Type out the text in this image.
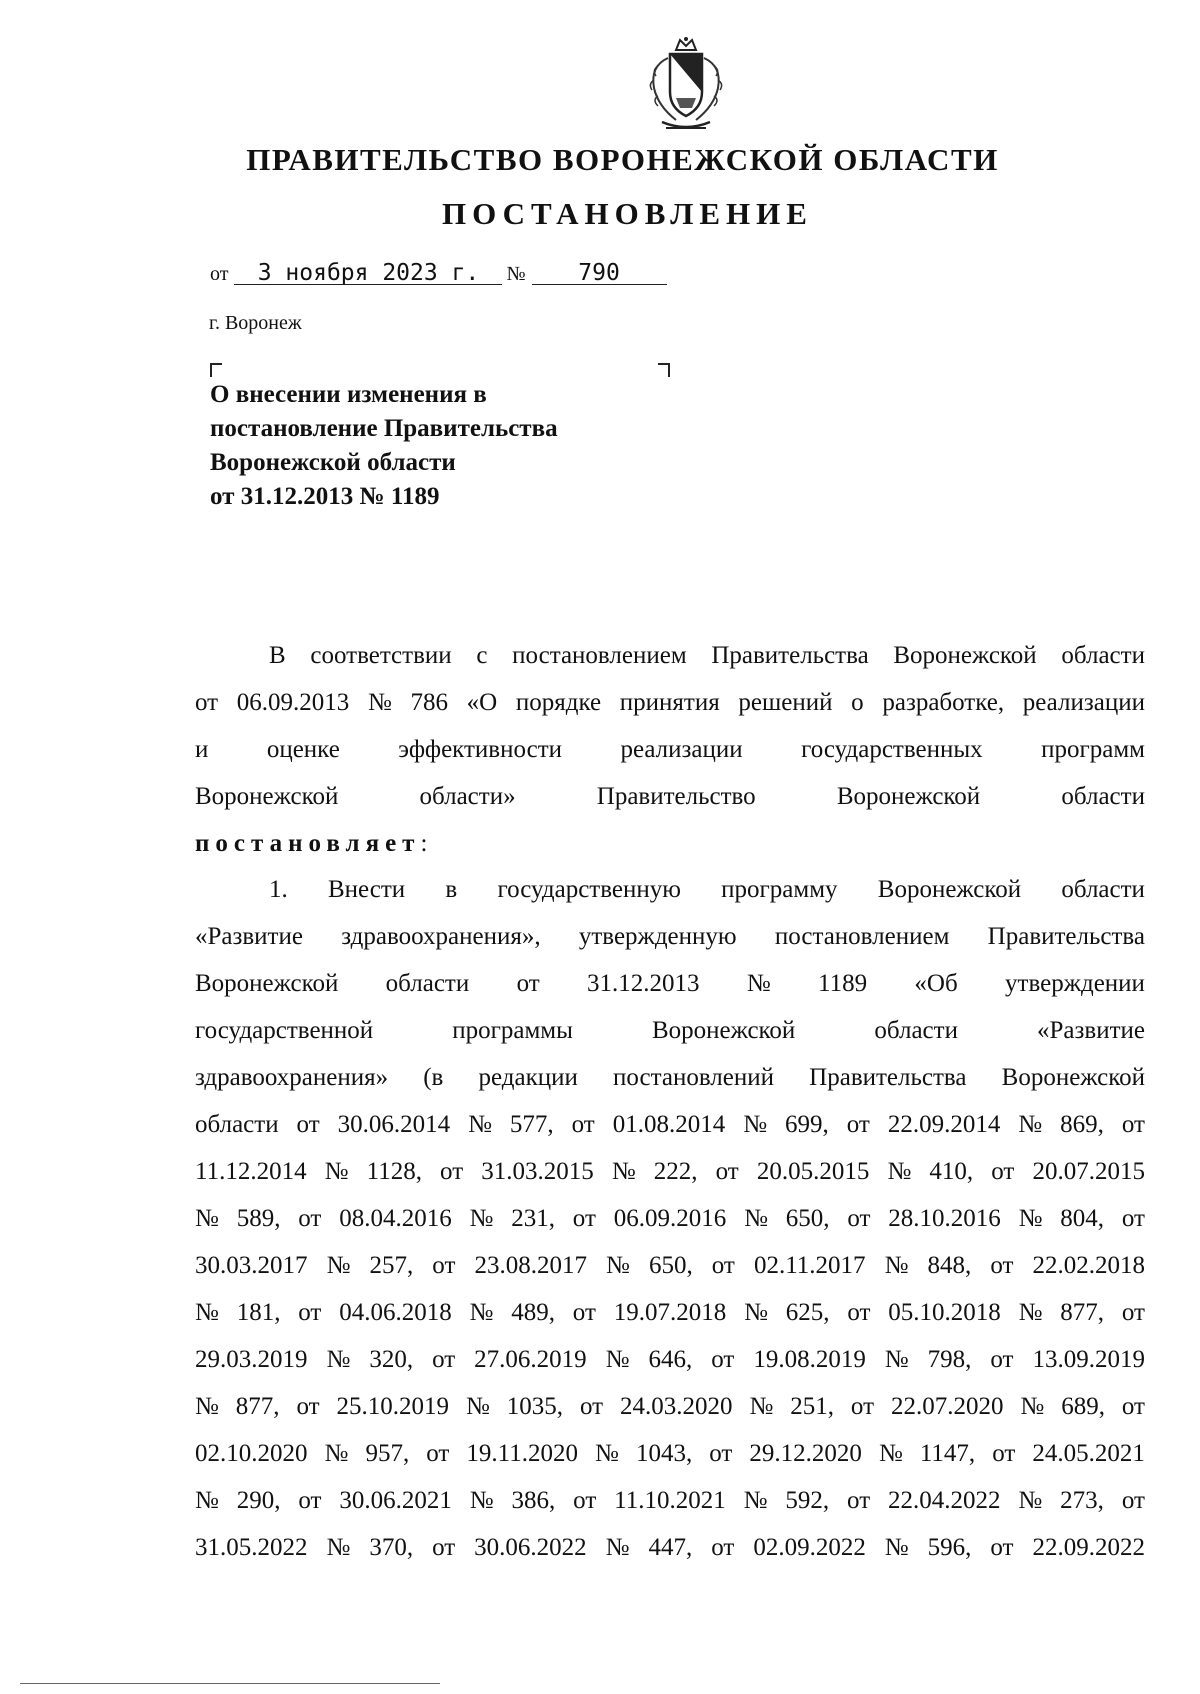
ПРАВИТЕЛЬСТВО ВОРОНЕЖСКОЙ ОБЛАСТИ
ПОСТАНОВЛЕНИЕ
от 3 ноября 2023 г. № 790
г. Воронеж
О внесении изменения в
постановление Правительства
Воронежской области
от 31.12.2013 № 1189
В соответствии с постановлением Правительства Воронежской области
от 06.09.2013 № 786 «О порядке принятия решений о разработке, реализации
и оценке эффективности реализации государственных программ
Воронежской	области»	Правительство	Воронежской	области
постановляет:
1. Внести в государственную программу Воронежской области
«Развитие здравоохранения», утвержденную постановлением Правительства
Воронежской области от 31.12.2013 № 1189 «Об утверждении
государственной	программы	Воронежской	области	«Развитие
здравоохранения» (в редакции постановлений Правительства Воронежской
области от 30.06.2014 № 577, от 01.08.2014 № 699, от 22.09.2014 № 869, от
11.12.2014 № 1128, от 31.03.2015 № 222, от 20.05.2015 № 410, от 20.07.2015
№ 589, от 08.04.2016 № 231, от 06.09.2016 № 650, от 28.10.2016 № 804, от
30.03.2017 № 257, от 23.08.2017 № 650, от 02.11.2017 № 848, от 22.02.2018
№ 181, от 04.06.2018 № 489, от 19.07.2018 № 625, от 05.10.2018 № 877, от
29.03.2019 № 320, от 27.06.2019 № 646, от 19.08.2019 № 798, от 13.09.2019
№ 877, от 25.10.2019 № 1035, от 24.03.2020 № 251, от 22.07.2020 № 689, от
02.10.2020 № 957, от 19.11.2020 № 1043, от 29.12.2020 № 1147, от 24.05.2021
№ 290, от 30.06.2021 № 386, от 11.10.2021 № 592, от 22.04.2022 № 273, от
31.05.2022 № 370, от 30.06.2022 № 447, от 02.09.2022 № 596, от 22.09.2022
